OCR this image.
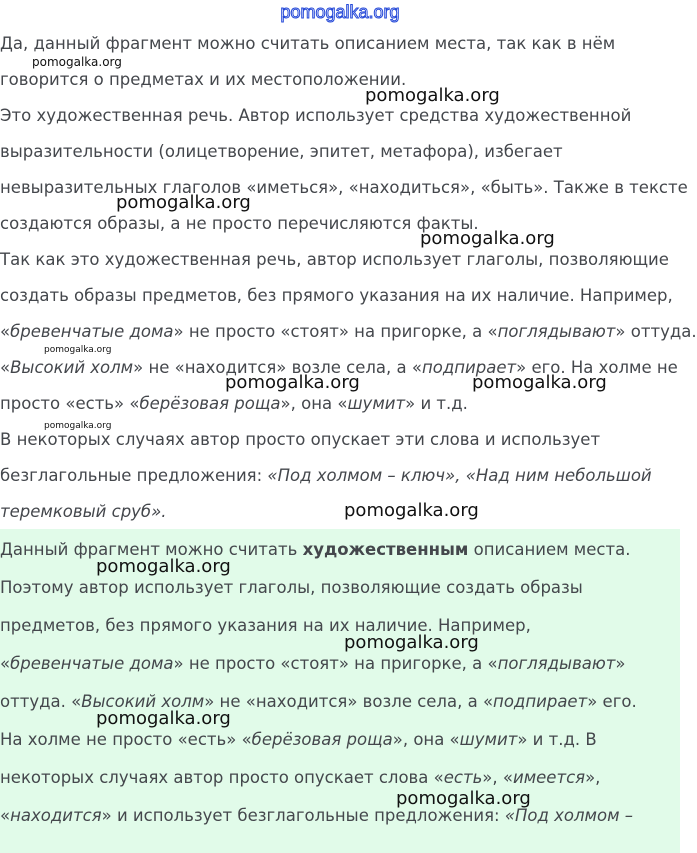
pomogalka.org

Да, данный фрагмент можно считать описанием места, так как в нём

говорится о предметах и их местоположении.

Это художественная речь. Автор использует средства художественной

выразительности (олицетворение, эпитет, метафора), избегает

невыразительных глаголов «иметься», «находиться», «быть». Также в тексте

создаются образы, а не просто перечисляются факты.

Так как это художественная речь, автор использует глаголы, позволяющие

создать образы предметов, без прямого указания на их наличие. Например,

«бревенчатые дома» не просто «стоят» на пригорке, а «поглядывают» оттуда.

«Высокий холм» не «находится» возле села, а «подпирает» его. На холме не

просто «есть» «берёзовая роща», она «шумит» и т.д.

В некоторых случаях автор просто опускает эти слова и использует

безглагольные предложения: «Под холмом – ключ», «Над ним небольшой

теремковый сруб».

Данный фрагмент можно считать художественным описанием места.

Поэтому автор использует глаголы, позволяющие создать образы

предметов, без прямого указания на их наличие. Например,

«бревенчатые дома» не просто «стоят» на пригорке, а «поглядывают»

оттуда. «Высокий холм» не «находится» возле села, а «подпирает» его.

На холме не просто «есть» «берёзовая роща», она «шумит» и т.д. В

некоторых случаях автор просто опускает слова «есть», «имеется»,

«находится» и использует безглагольные предложения: «Под холмом –

pomogalka.org
pomogalka.org
pomogalka.org
pomogalka.org
pomogalka.org
pomogalka.org	pomogalka.org
pomogalka.org
pomogalka.org
pomogalka.org
pomogalka.org
pomogalka.org
pomogalka.org
